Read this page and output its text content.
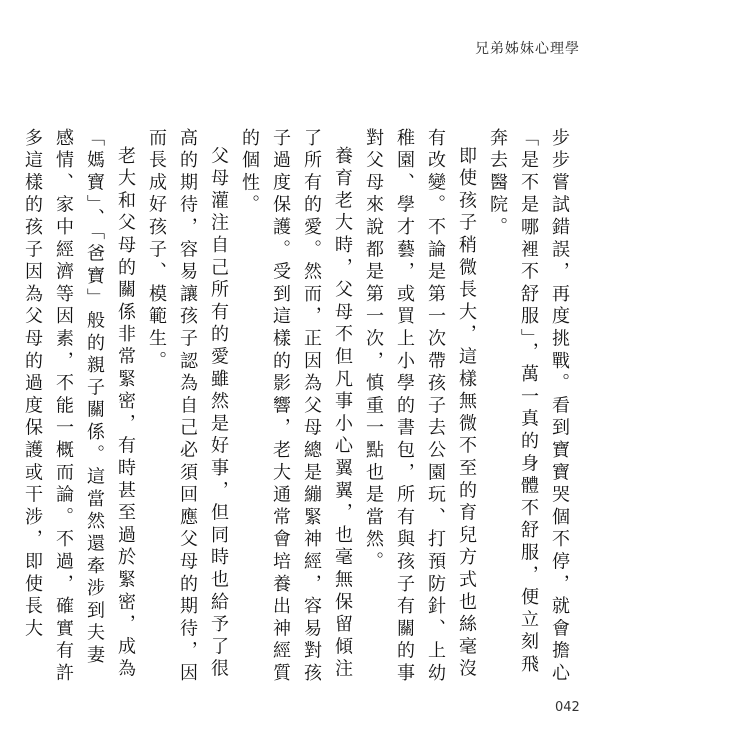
兄弟姊妹心理學

步步嘗試錯誤，再度挑戰。看到寶寶哭個不停，就會擔心「是不是哪裡不舒服」，萬一真的身體不舒服，便立刻飛奔去醫院。

即使孩子稍微長大，這樣無微不至的育兒方式也絲毫沒有改變。不論是第一次帶孩子去公園玩、打預防針、上幼稚園、學才藝，或買上小學的書包，所有與孩子有關的事對父母來說都是第一次，慎重一點也是當然。

養育老大時，父母不但凡事小心翼翼，也毫無保留傾注了所有的愛。然而，正因為父母總是繃緊神經，容易對孩子過度保護。受到這樣的影響，老大通常會培養出神經質的個性。

父母灌注自己所有的愛雖然是好事，但同時也給予了很高的期待，容易讓孩子認為自己必須回應父母的期待，因而長成好孩子、模範生。

老大和父母的關係非常緊密，有時甚至過於緊密，成為「媽寶」、「爸寶」般的親子關係。這當然還牽涉到夫妻感情、家中經濟等因素，不能一概而論。不過，確實有許多這樣的孩子因為父母的過度保護或干涉，即使長大

042
